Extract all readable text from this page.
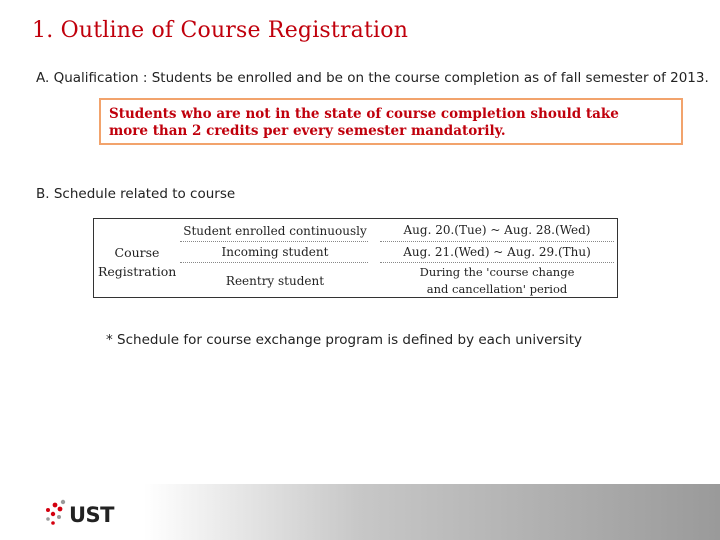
1. Outline of Course Registration
A. Qualification : Students be enrolled and be on the course completion as of fall semester of 2013.
Students who are not in the state of course completion should take
more than 2 credits per every semester mandatorily.
B. Schedule related to course
Course
Registration
Student enrolled continuously	Aug. 20.(Tue) ~ Aug. 28.(Wed)
Incoming student	Aug. 21.(Wed) ~ Aug. 29.(Thu)
Reentry student
During the 'course change
and cancellation' period
* Schedule for course exchange program is defined by each university
UST
